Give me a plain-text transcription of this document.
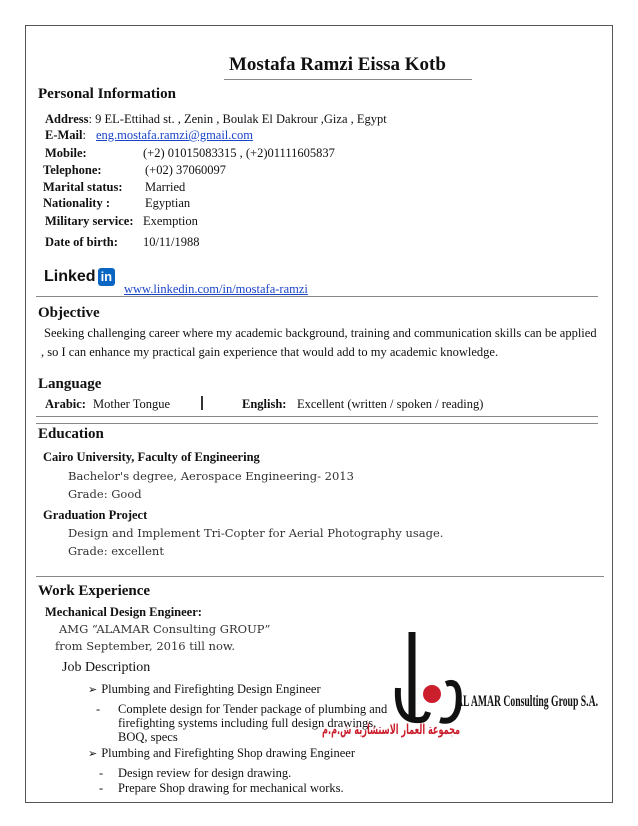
Mostafa Ramzi Eissa Kotb
Personal Information
Address: 9 EL-Ettihad st. , Zenin , Boulak El Dakrour ,Giza , Egypt
E-Mail: eng.mostafa.ramzi@gmail.com
Mobile:	(+2) 01015083315 , (+2)01111605837
Telephone:	(+02) 37060097
Marital status: Married
Nationality :	Egyptian
Military service: Exemption
Date of birth: 10/11/1988
Linked in
www.linkedin.com/in/mostafa-ramzi
Objective
Seeking challenging career where my academic background, training and communication skills can be applied
, so I can enhance my practical gain experience that would add to my academic knowledge.
Language
Arabic: Mother Tongue	English: Excellent (written / spoken / reading)
Education
Cairo University, Faculty of Engineering
Bachelor's degree, Aerospace Engineering- 2013
Grade: Good
Graduation Project
Design and Implement Tri-Copter for Aerial Photography usage.
Grade: excellent
Work Experience
Mechanical Design Engineer:
AMG “ALAMAR Consulting GROUP”
from September, 2016 till now.
Job Description
➢ Plumbing and Firefighting Design Engineer
- Complete design for Tender package of plumbing and
firefighting systems including full design drawings,
BOQ, specs
➢ Plumbing and Firefighting Shop drawing Engineer
- Design review for design drawing.
- Prepare Shop drawing for mechanical works.
AL AMAR Consulting Group S.A.
مجموعة العمار الاستشارية ش.م.م
